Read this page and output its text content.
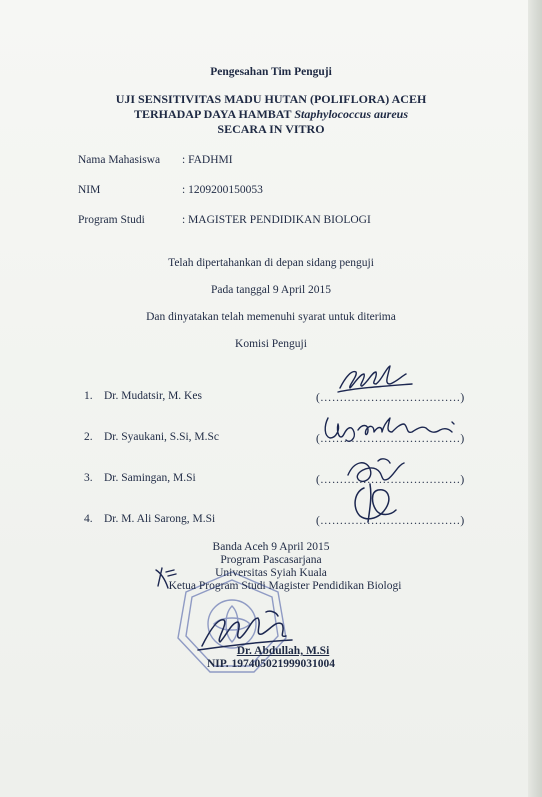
Pengesahan Tim Penguji
UJI SENSITIVITAS MADU HUTAN (POLIFLORA) ACEH
TERHADAP DAYA HAMBAT Staphylococcus aureus
SECARA IN VITRO
Nama Mahasiswa : FADHMI
NIM	: 1209200150053
Program Studi	: MAGISTER PENDIDIKAN BIOLOGI
Telah dipertahankan di depan sidang penguji
Pada tanggal 9 April 2015
Dan dinyatakan telah memenuhi syarat untuk diterima
Komisi Penguji
1. Dr. Mudatsir, M. Kes	(………………………………)
2. Dr. Syaukani, S.Si, M.Sc	(………………………………)
3. Dr. Samingan, M.Si	(………………………………)
4. Dr. M. Ali Sarong, M.Si	(………………………………)
Banda Aceh 9 April 2015
Program Pascasarjana
Universitas Syiah Kuala
Ketua Program Studi Magister Pendidikan Biologi
Dr. Abdullah, M.Si
NIP. 197405021999031004
